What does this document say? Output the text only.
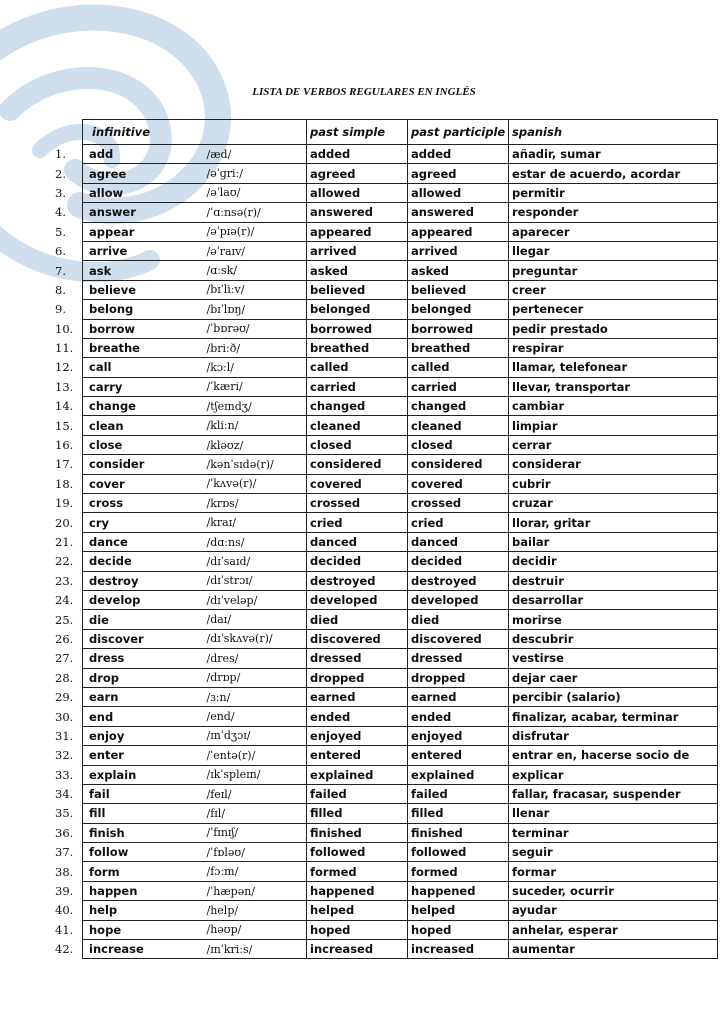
LISTA DE VERBOS REGULARES EN INGLÉS
infinitive		past simple	past participle	spanish

1. add	/æd/	added	added	añadir, sumar

2. agree	/əˈgriː/	agreed	agreed	estar de acuerdo, acordar

3. allow	/əˈlaʊ/	allowed	allowed	permitir

4. answer	/ˈɑːnsə(r)/	answered	answered	responder

5. appear	/əˈpɪə(r)/	appeared	appeared	aparecer

6. arrive	/əˈraɪv/	arrived	arrived	llegar

7. ask	/ɑːsk/	asked	asked	preguntar

8. believe	/bɪˈliːv/	believed	believed	creer

9. belong	/bɪˈlɒŋ/	belonged	belonged	pertenecer

10. borrow	/ˈbɒrəʊ/	borrowed	borrowed	pedir prestado

11. breathe	/briːð/	breathed	breathed	respirar

12. call	/kɔːl/	called	called	llamar, telefonear

13. carry	/ˈkæri/	carried	carried	llevar, transportar

14. change	/tʃeɪndʒ/	changed	changed	cambiar

15. clean	/kliːn/	cleaned	cleaned	limpiar

16. close	/kləʊz/	closed	closed	cerrar

17. consider	/kənˈsɪdə(r)/	considered	considered	considerar

18. cover	/ˈkʌvə(r)/	covered	covered	cubrir

19. cross	/krɒs/	crossed	crossed	cruzar

20. cry	/kraɪ/	cried	cried	llorar, gritar

21. dance	/dɑːns/	danced	danced	bailar

22. decide	/dɪˈsaɪd/	decided	decided	decidir

23. destroy	/dɪˈstrɔɪ/	destroyed	destroyed	destruir

24. develop	/dɪˈveləp/	developed	developed	desarrollar

25. die	/daɪ/	died	died	morirse

26. discover	/dɪˈskʌvə(r)/	discovered	discovered	descubrir

27. dress	/dres/	dressed	dressed	vestirse

28. drop	/drɒp/	dropped	dropped	dejar caer

29. earn	/ɜːn/	earned	earned	percibir (salario)

30. end	/end/	ended	ended	finalizar, acabar, terminar

31. enjoy	/ɪnˈdʒɔɪ/	enjoyed	enjoyed	disfrutar

32. enter	/ˈentə(r)/	entered	entered	entrar en, hacerse socio de

33. explain	/ɪkˈspleɪn/	explained	explained	explicar

34. fail	/feɪl/	failed	failed	fallar, fracasar, suspender

35. fill	/fɪl/	filled	filled	llenar

36. finish	/ˈfɪnɪʃ/	finished	finished	terminar

37. follow	/ˈfɒləʊ/	followed	followed	seguir

38. form	/fɔːm/	formed	formed	formar

39. happen	/ˈhæpən/	happened	happened	suceder, ocurrir

40. help	/help/	helped	helped	ayudar

41. hope	/həʊp/	hoped	hoped	anhelar, esperar

42. increase	/ɪnˈkriːs/	increased	increased	aumentar
